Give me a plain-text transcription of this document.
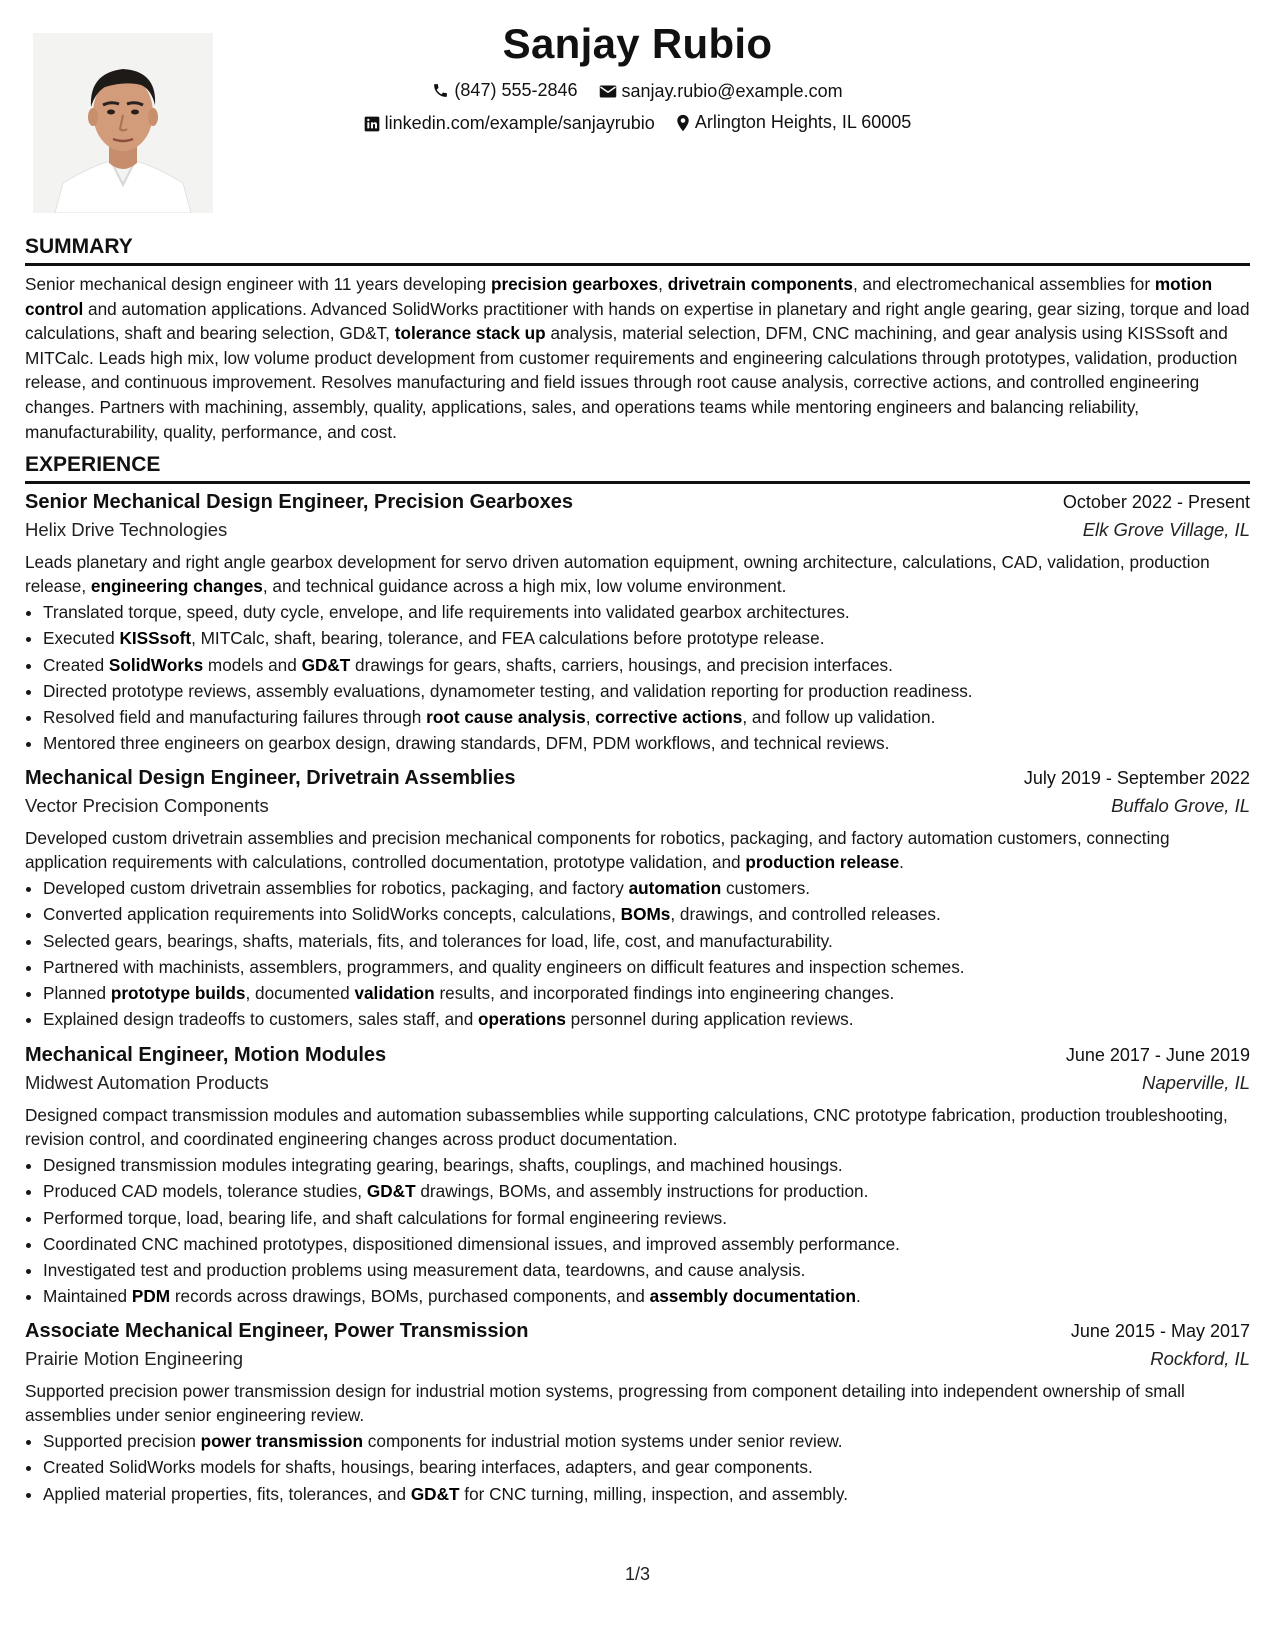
Sanjay Rubio
(847) 555-2846
sanjay.rubio@example.com
linkedin.com/example/sanjayrubio
Arlington Heights, IL 60005
SUMMARY
Senior mechanical design engineer with 11 years developing precision gearboxes, drivetrain components, and electromechanical assemblies for motion control and automation applications. Advanced SolidWorks practitioner with hands on expertise in planetary and right angle gearing, gear sizing, torque and load calculations, shaft and bearing selection, GD&T, tolerance stack up analysis, material selection, DFM, CNC machining, and gear analysis using KISSsoft and MITCalc. Leads high mix, low volume product development from customer requirements and engineering calculations through prototypes, validation, production release, and continuous improvement. Resolves manufacturing and field issues through root cause analysis, corrective actions, and controlled engineering changes. Partners with machining, assembly, quality, applications, sales, and operations teams while mentoring engineers and balancing reliability, manufacturability, quality, performance, and cost.
EXPERIENCE
Senior Mechanical Design Engineer, Precision Gearboxes	October 2022 - Present
Helix Drive Technologies	Elk Grove Village, IL
Leads planetary and right angle gearbox development for servo driven automation equipment, owning architecture, calculations, CAD, validation, production release, engineering changes, and technical guidance across a high mix, low volume environment.
• Translated torque, speed, duty cycle, envelope, and life requirements into validated gearbox architectures.
• Executed KISSsoft, MITCalc, shaft, bearing, tolerance, and FEA calculations before prototype release.
• Created SolidWorks models and GD&T drawings for gears, shafts, carriers, housings, and precision interfaces.
• Directed prototype reviews, assembly evaluations, dynamometer testing, and validation reporting for production readiness.
• Resolved field and manufacturing failures through root cause analysis, corrective actions, and follow up validation.
• Mentored three engineers on gearbox design, drawing standards, DFM, PDM workflows, and technical reviews.
Mechanical Design Engineer, Drivetrain Assemblies	July 2019 - September 2022
Vector Precision Components	Buffalo Grove, IL
Developed custom drivetrain assemblies and precision mechanical components for robotics, packaging, and factory automation customers, connecting application requirements with calculations, controlled documentation, prototype validation, and production release.
• Developed custom drivetrain assemblies for robotics, packaging, and factory automation customers.
• Converted application requirements into SolidWorks concepts, calculations, BOMs, drawings, and controlled releases.
• Selected gears, bearings, shafts, materials, fits, and tolerances for load, life, cost, and manufacturability.
• Partnered with machinists, assemblers, programmers, and quality engineers on difficult features and inspection schemes.
• Planned prototype builds, documented validation results, and incorporated findings into engineering changes.
• Explained design tradeoffs to customers, sales staff, and operations personnel during application reviews.
Mechanical Engineer, Motion Modules	June 2017 - June 2019
Midwest Automation Products	Naperville, IL
Designed compact transmission modules and automation subassemblies while supporting calculations, CNC prototype fabrication, production troubleshooting, revision control, and coordinated engineering changes across product documentation.
• Designed transmission modules integrating gearing, bearings, shafts, couplings, and machined housings.
• Produced CAD models, tolerance studies, GD&T drawings, BOMs, and assembly instructions for production.
• Performed torque, load, bearing life, and shaft calculations for formal engineering reviews.
• Coordinated CNC machined prototypes, dispositioned dimensional issues, and improved assembly performance.
• Investigated test and production problems using measurement data, teardowns, and cause analysis.
• Maintained PDM records across drawings, BOMs, purchased components, and assembly documentation.
Associate Mechanical Engineer, Power Transmission	June 2015 - May 2017
Prairie Motion Engineering	Rockford, IL
Supported precision power transmission design for industrial motion systems, progressing from component detailing into independent ownership of small assemblies under senior engineering review.
• Supported precision power transmission components for industrial motion systems under senior review.
• Created SolidWorks models for shafts, housings, bearing interfaces, adapters, and gear components.
• Applied material properties, fits, tolerances, and GD&T for CNC turning, milling, inspection, and assembly.
1/3
